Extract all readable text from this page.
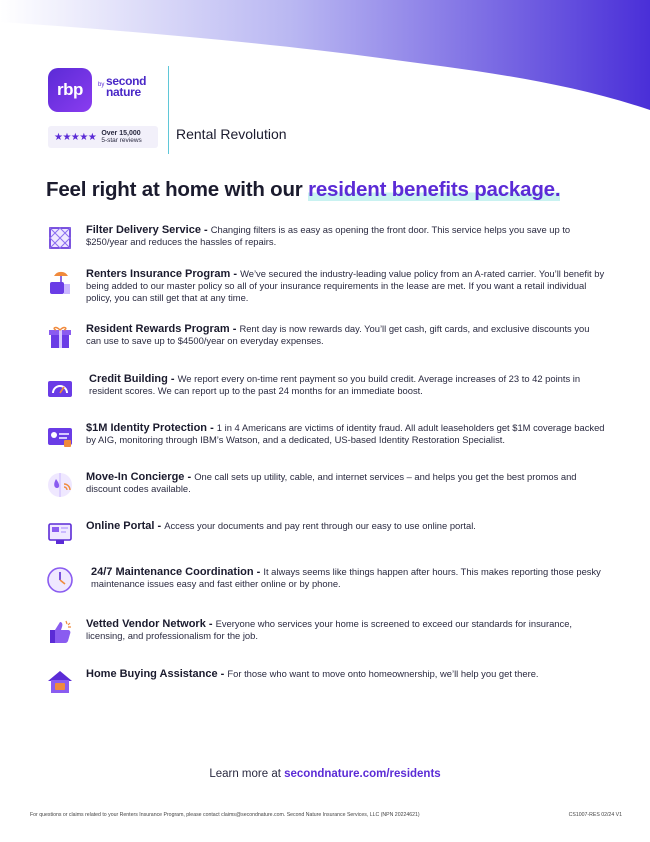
rbp	by second
nature
★★★★★ Over 15,000
5-star reviews Rental Revolution
Feel right at home with our resident benefits package.
Filter Delivery Service - Changing filters is as easy as opening the front door. This service helps you save up to $250/year and reduces the hassles of repairs.
Renters Insurance Program - We’ve secured the industry-leading value policy from an A-rated carrier. You’ll benefit by being added to our master policy so all of your insurance requirements in the lease are met. If you want a retail individual policy, you can still get that at any time.
Resident Rewards Program - Rent day is now rewards day. You’ll get cash, gift cards, and exclusive discounts you can use to save up to $4500/year on everyday expenses.
Credit Building - We report every on-time rent payment so you build credit. Average increases of 23 to 42 points in resident scores. We can report up to the past 24 months for an immediate boost.
$1M Identity Protection - 1 in 4 Americans are victims of identity fraud. All adult leaseholders get $1M coverage backed by AIG, monitoring through IBM’s Watson, and a dedicated, US-based Identity Restoration Specialist.
Move-In Concierge - One call sets up utility, cable, and internet services – and helps you get the best promos and discount codes available.
Online Portal - Access your documents and pay rent through our easy to use online portal.
24/7 Maintenance Coordination - It always seems like things happen after hours. This makes reporting those pesky maintenance issues easy and fast either online or by phone.
Vetted Vendor Network - Everyone who services your home is screened to exceed our standards for insurance, licensing, and professionalism for the job.
Home Buying Assistance - For those who want to move onto homeownership, we’ll help you get there.
Learn more at secondnature.com/residents
For questions or claims related to your Renters Insurance Program, please contact claims@secondnature.com. Second Nature Insurance Services, LLC (NPN 20224621)	CS1007-RES 02/24 V1
